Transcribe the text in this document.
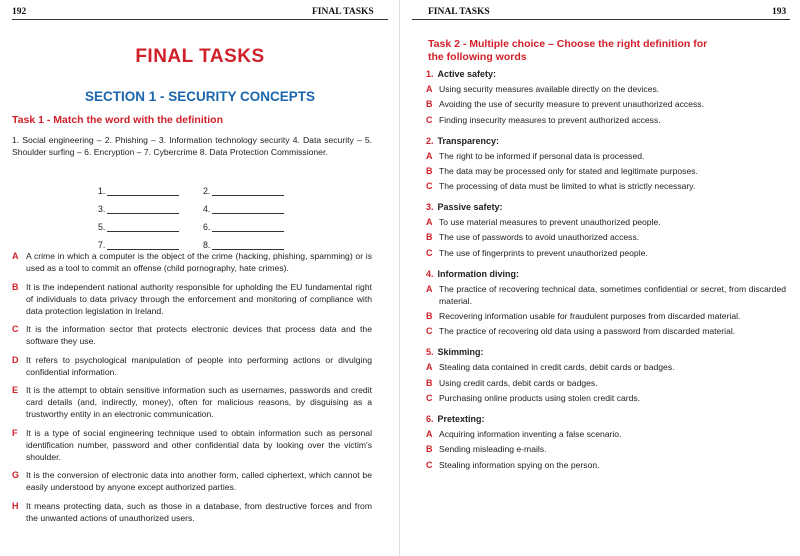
192	FINAL TASKS
FINAL TASKS
SECTION 1 - SECURITY CONCEPTS
Task 1 - Match the word with the definition
1. Social engineering – 2. Phishing – 3. Information technology security 4. Data security – 5. Shoulder surfing – 6. Encryption – 7. Cybercrime 8. Data Protection Commissioner.
1.	2.
3.	4.
5.	6.
7.	8.
A A crime in which a computer is the object of the crime (hacking, phishing, spamming) or is used as a tool to commit an offense (child pornography, hate crimes).
B It is the independent national authority responsible for upholding the EU fundamental right of individuals to data privacy through the enforcement and monitoring of compliance with data protection legislation in Ireland.
C It is the information sector that protects electronic devices that process data and the software they use.
D It refers to psychological manipulation of people into performing actions or divulging confidential information.
E It is the attempt to obtain sensitive information such as usernames, passwords and credit card details (and, indirectly, money), often for malicious reasons, by disguising as a trustworthy entity in an electronic communication.
F It is a type of social engineering technique used to obtain information such as personal identification number, password and other confidential data by looking over the victim's shoulder.
G It is the conversion of electronic data into another form, called ciphertext, which cannot be easily understood by anyone except authorized parties.
H It means protecting data, such as those in a database, from destructive forces and from the unwanted actions of unauthorized users.
FINAL TASKS	193
Task 2 - Multiple choice – Choose the right definition for
the following words
1. Active safety:
A Using security measures available directly on the devices.
B Avoiding the use of security measure to prevent unauthorized access.
C Finding insecurity measures to prevent authorized access.
2. Transparency:
A The right to be informed if personal data is processed.
B The data may be processed only for stated and legitimate purposes.
C The processing of data must be limited to what is strictly necessary.
3. Passive safety:
A To use material measures to prevent unauthorized people.
B The use of passwords to avoid unauthorized access.
C The use of fingerprints to prevent unauthorized people.
4. Information diving:
A The practice of recovering technical data, sometimes confidential or secret, from discarded material.
B Recovering information usable for fraudulent purposes from discarded material.
C The practice of recovering old data using a password from discarded material.
5. Skimming:
A Stealing data contained in credit cards, debit cards or badges.
B Using credit cards, debit cards or badges.
C Purchasing online products using stolen credit cards.
6. Pretexting:
A Acquiring information inventing a false scenario.
B Sending misleading e-mails.
C Stealing information spying on the person.
